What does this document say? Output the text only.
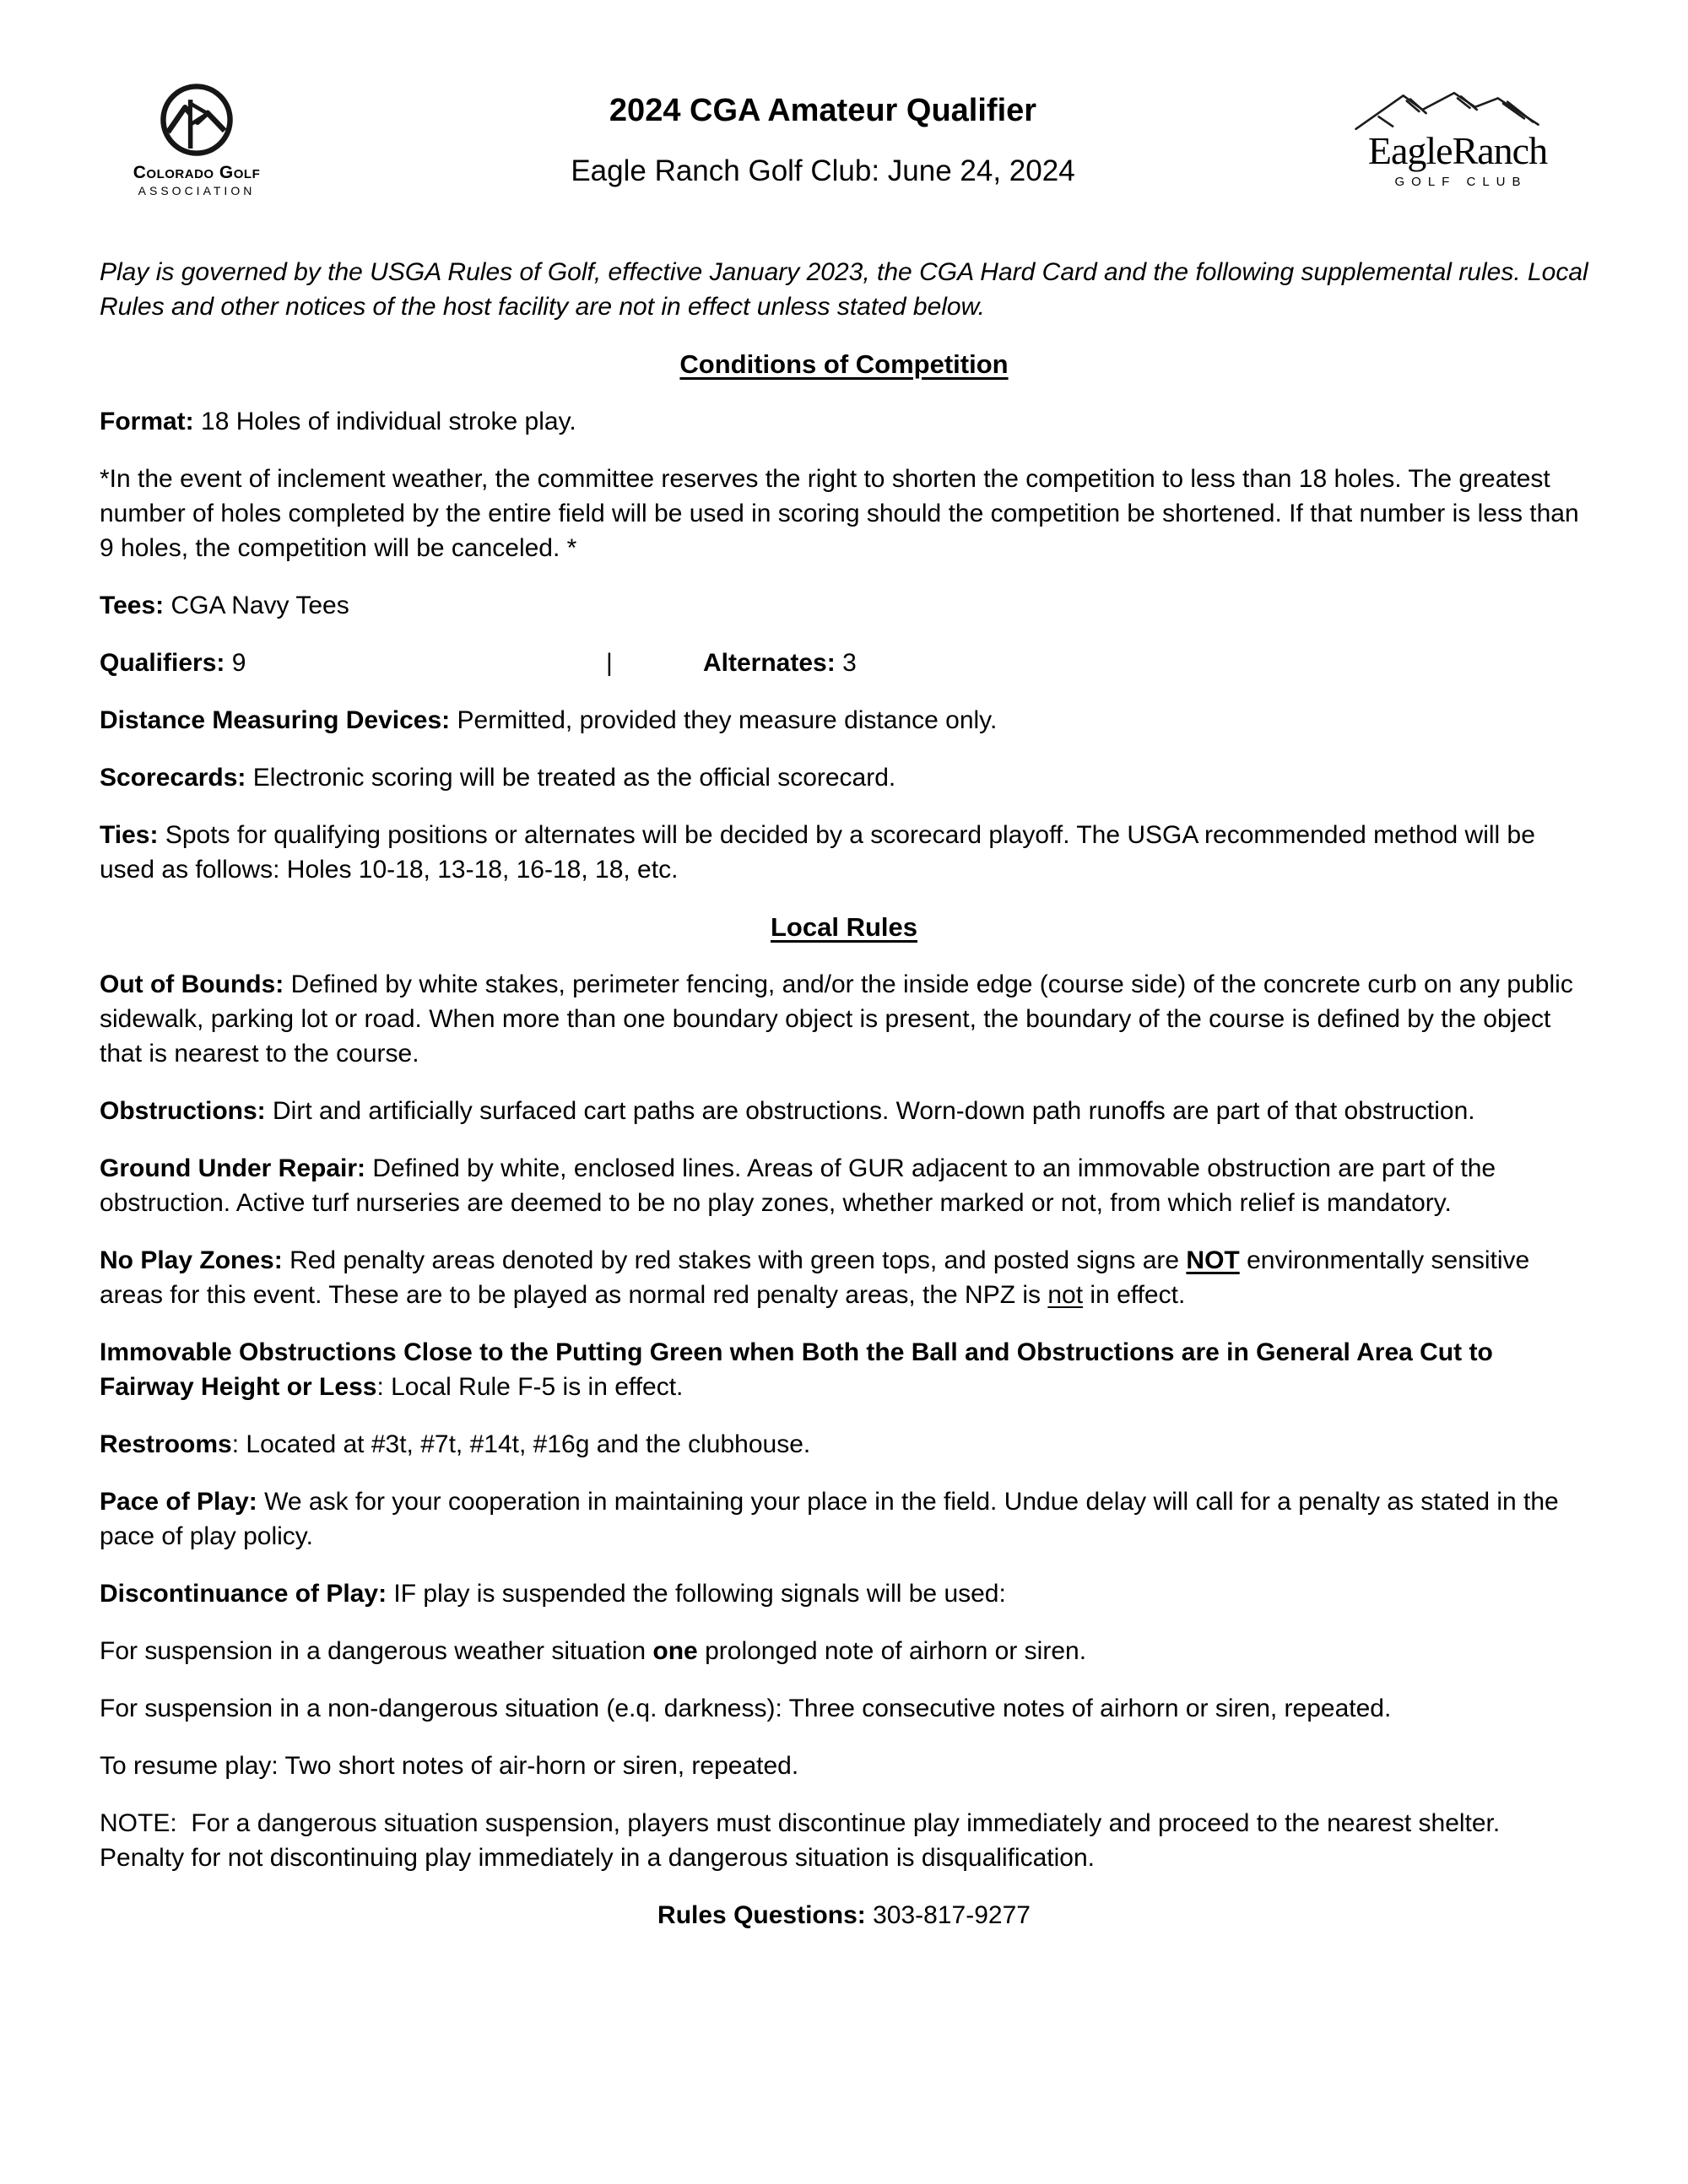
Colorado Golf
ASSOCIATION
2024 CGA Amateur Qualifier
Eagle Ranch Golf Club: June 24, 2024	EagleRanch
GOLF CLUB

Play is governed by the USGA Rules of Golf, effective January 2023, the CGA Hard Card and the following supplemental rules. Local Rules and other notices of the host facility are not in effect unless stated below.

Conditions of Competition

Format: 18 Holes of individual stroke play.

*In the event of inclement weather, the committee reserves the right to shorten the competition to less than 18 holes. The greatest number of holes completed by the entire field will be used in scoring should the competition be shortened. If that number is less than 9 holes, the competition will be canceled. *

Tees: CGA Navy Tees

Qualifiers: 9	|	Alternates: 3

Distance Measuring Devices: Permitted, provided they measure distance only.

Scorecards: Electronic scoring will be treated as the official scorecard.

Ties: Spots for qualifying positions or alternates will be decided by a scorecard playoff. The USGA recommended method will be used as follows: Holes 10-18, 13-18, 16-18, 18, etc.

Local Rules

Out of Bounds: Defined by white stakes, perimeter fencing, and/or the inside edge (course side) of the concrete curb on any public sidewalk, parking lot or road. When more than one boundary object is present, the boundary of the course is defined by the object that is nearest to the course.

Obstructions: Dirt and artificially surfaced cart paths are obstructions. Worn-down path runoffs are part of that obstruction.

Ground Under Repair: Defined by white, enclosed lines. Areas of GUR adjacent to an immovable obstruction are part of the obstruction. Active turf nurseries are deemed to be no play zones, whether marked or not, from which relief is mandatory.

No Play Zones: Red penalty areas denoted by red stakes with green tops, and posted signs are NOT environmentally sensitive areas for this event. These are to be played as normal red penalty areas, the NPZ is not in effect.

Immovable Obstructions Close to the Putting Green when Both the Ball and Obstructions are in General Area Cut to Fairway Height or Less: Local Rule F-5 is in effect.

Restrooms: Located at #3t, #7t, #14t, #16g and the clubhouse.

Pace of Play: We ask for your cooperation in maintaining your place in the field. Undue delay will call for a penalty as stated in the pace of play policy.

Discontinuance of Play: IF play is suspended the following signals will be used:

For suspension in a dangerous weather situation one prolonged note of airhorn or siren.

For suspension in a non-dangerous situation (e.q. darkness): Three consecutive notes of airhorn or siren, repeated.

To resume play: Two short notes of air-horn or siren, repeated.

NOTE:  For a dangerous situation suspension, players must discontinue play immediately and proceed to the nearest shelter. Penalty for not discontinuing play immediately in a dangerous situation is disqualification.

Rules Questions: 303-817-9277
